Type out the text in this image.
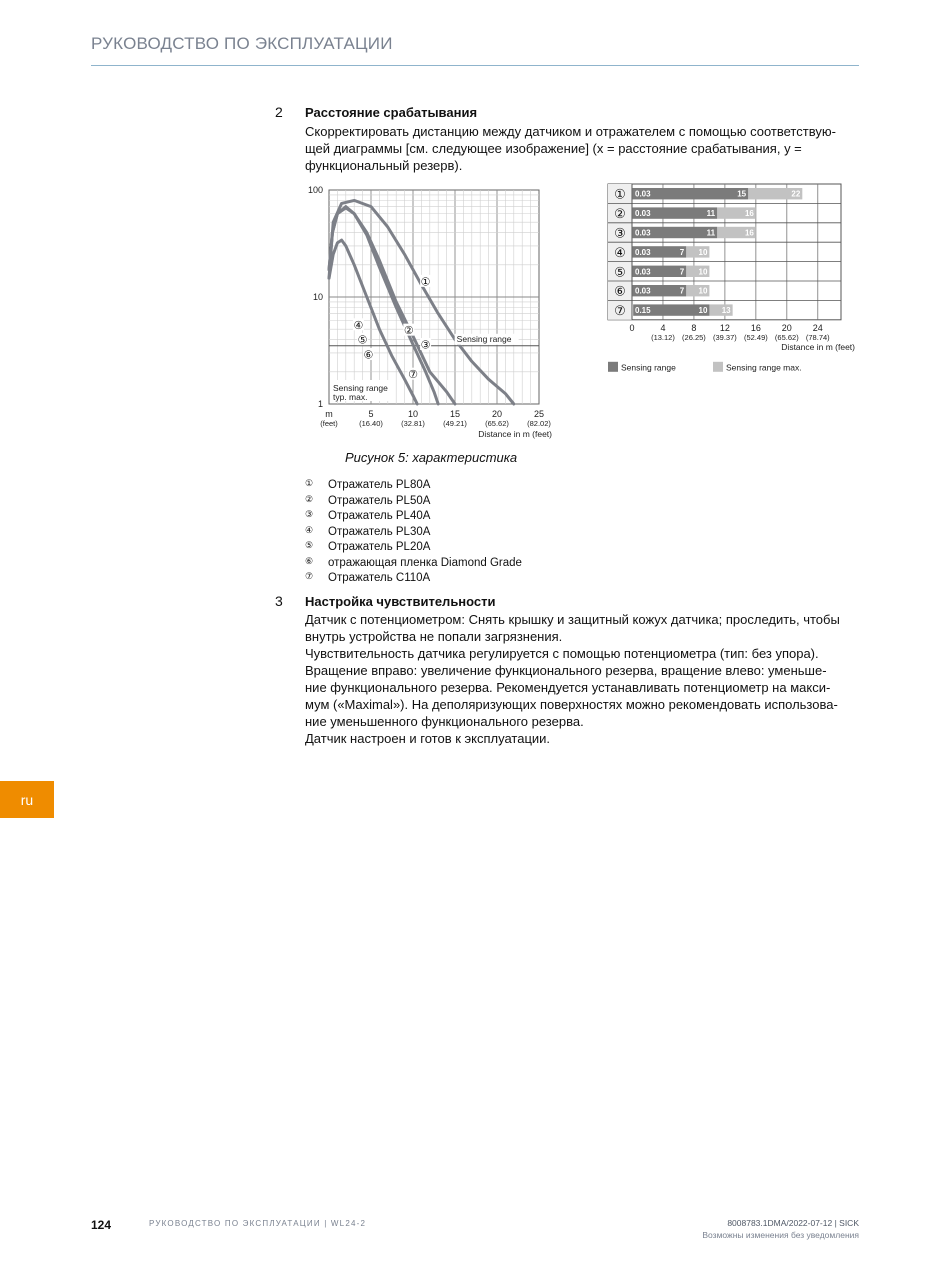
РУКОВОДСТВО ПО ЭКСПЛУАТАЦИИ
2 Расстояние срабатывания
Скорректировать дистанцию между датчиком и отражателем с помощью соответствую-
щей диаграммы [см. следующее изображение] (x = расстояние срабатывания, y =
функциональный резерв).
100
10
1
m
(feet)
5
(16.40)
10
(32.81)
15
(49.21)
20
(65.62)
25
(82.02)
Distance in m (feet)
①
②
③
④
⑤
⑥
⑦
Sensing range
Sensing range
typ. max.
① 0.03	15	22
② 0.03	11	16
③ 0.03	11	16
④ 0.03	7 10
⑤ 0.03	7 10
⑥ 0.03	7 10
⑦ 0.15	10 13
0	4
(13.12)
8
(26.25)
12
(39.37)
16
(52.49)
20
(65.62)
24
(78.74)
Distance in m (feet)
Sensing range	Sensing range max.
Рисунок 5: характеристика
①	Отражатель PL80A
②	Отражатель PL50A
③	Отражатель PL40A
④	Отражатель PL30A
⑤	Отражатель PL20A
⑥	отражающая пленка Diamond Grade
⑦	Отражатель C110A
3 Настройка чувствительности
Датчик с потенциометром: Снять крышку и защитный кожух датчика; проследить, чтобы
внутрь устройства не попали загрязнения.
Чувствительность датчика регулируется с помощью потенциометра (тип: без упора).
Вращение вправо: увеличение функционального резерва, вращение влево: уменьше-
ние функционального резерва. Рекомендуется устанавливать потенциометр на макси-
мум («Maximal»). На деполяризующих поверхностях можно рекомендовать использова-
ние уменьшенного функционального резерва.
Датчик настроен и готов к эксплуатации.
ru
124	РУКОВОДСТВО ПО ЭКСПЛУАТАЦИИ | WL24-2	8008783.1DMA/2022-07-12 | SICK
Возможны изменения без уведомления
